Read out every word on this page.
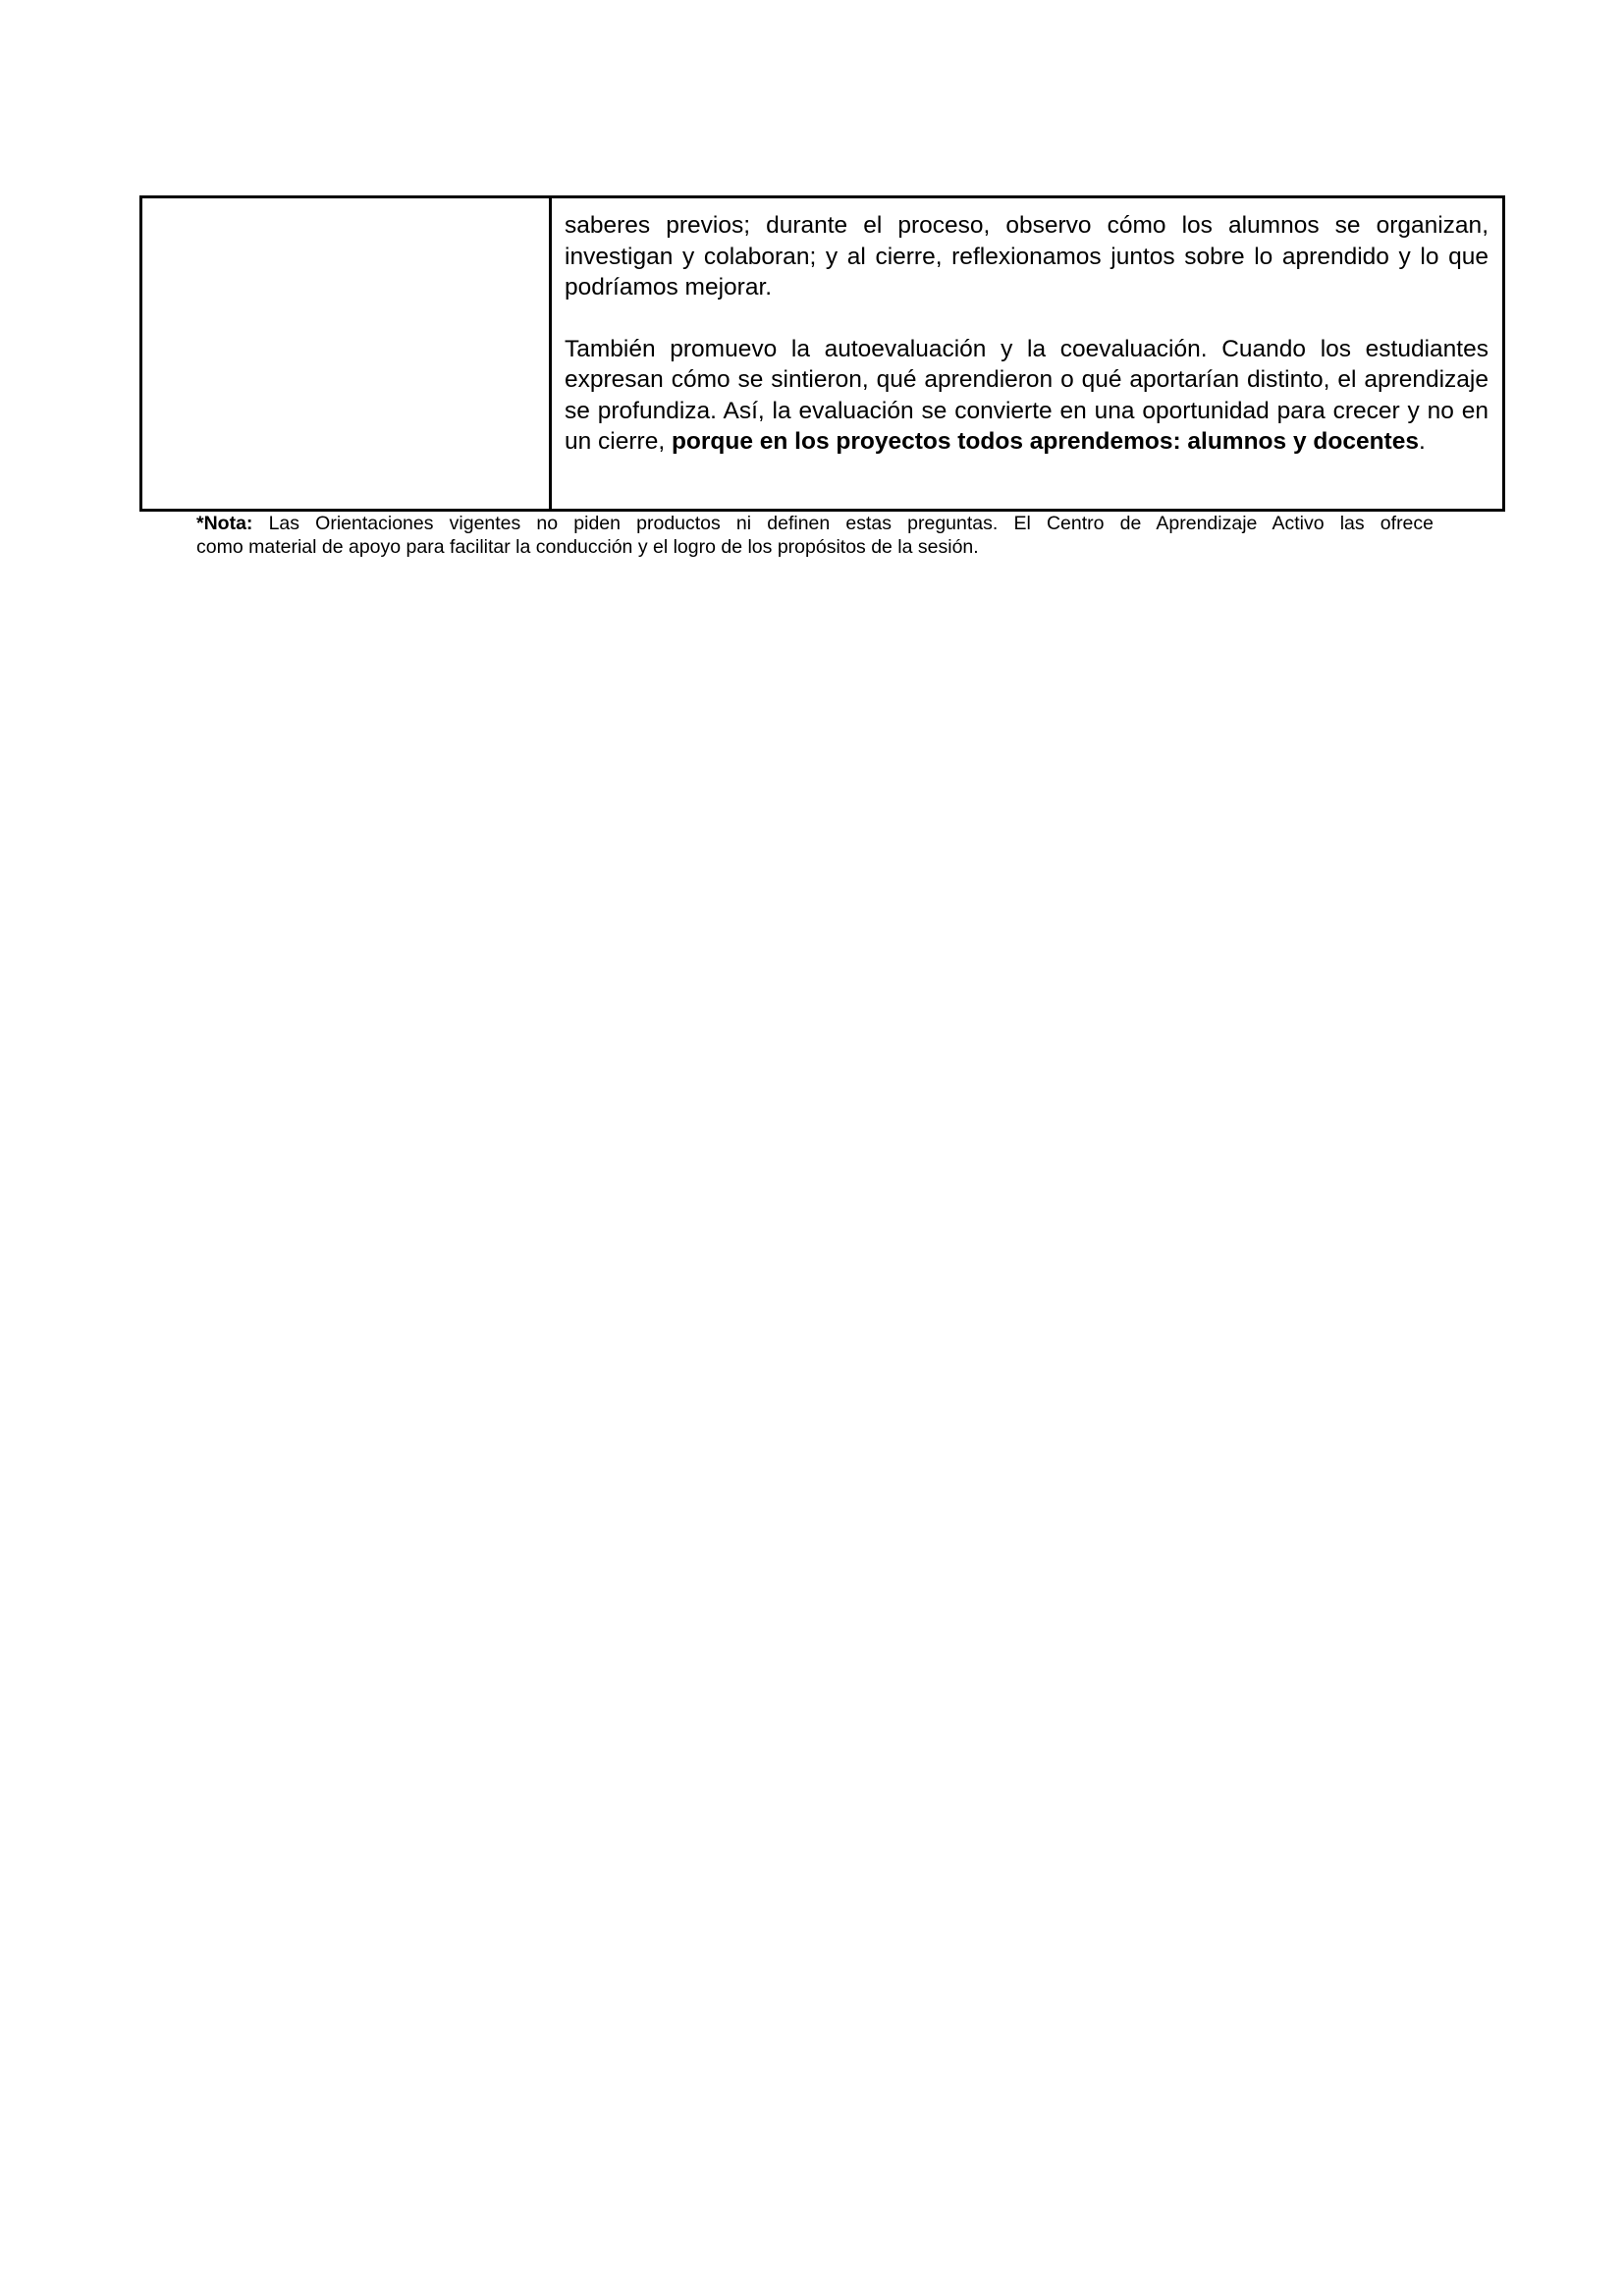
saberes previos; durante el proceso, observo cómo los alumnos se organizan, investigan y colaboran; y al cierre, reflexionamos juntos sobre lo aprendido y lo que podríamos mejorar.

También promuevo la autoevaluación y la coevaluación. Cuando los estudiantes expresan cómo se sintieron, qué aprendieron o qué aportarían distinto, el aprendizaje se profundiza. Así, la evaluación se convierte en una oportunidad para crecer y no en un cierre, porque en los proyectos todos aprendemos: alumnos y docentes.

*Nota: Las Orientaciones vigentes no piden productos ni definen estas preguntas. El Centro de Aprendizaje Activo las ofrece
como material de apoyo para facilitar la conducción y el logro de los propósitos de la sesión.
